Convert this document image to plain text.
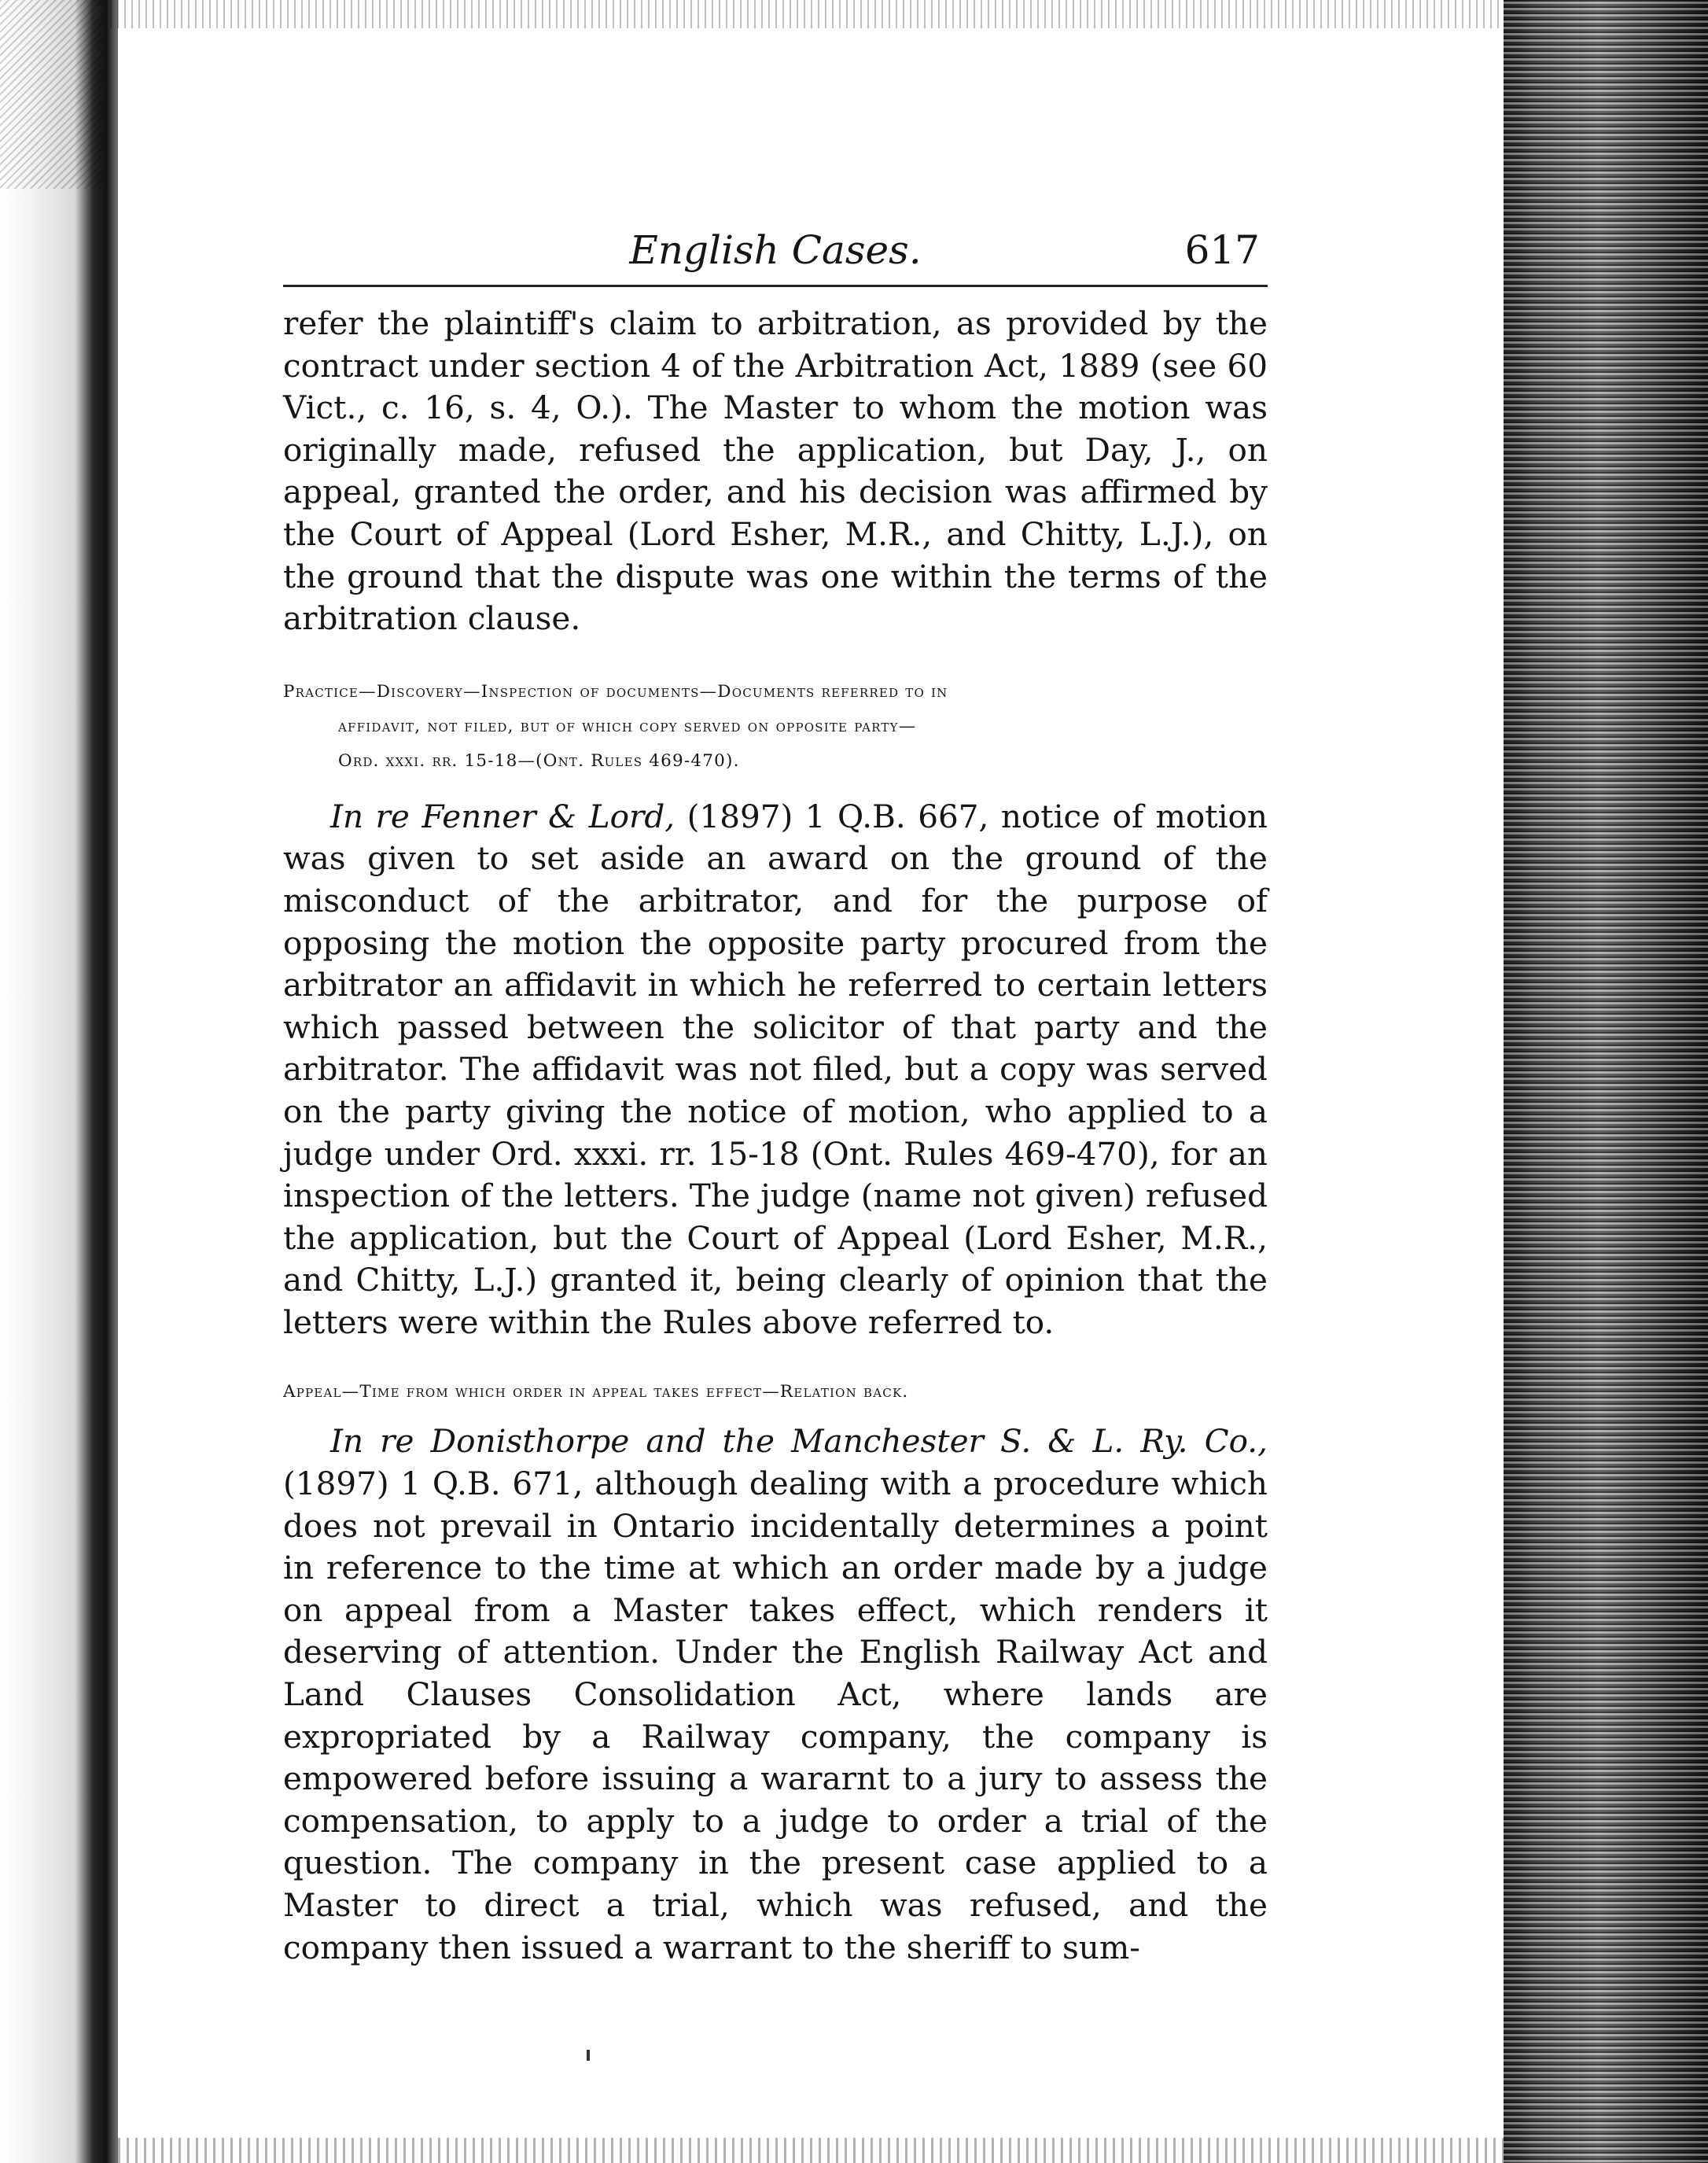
English Cases.	617

refer the plaintiff's claim to arbitration, as provided by the contract under section 4 of the Arbitration Act, 1889 (see 60 Vict., c. 16, s. 4, O.). The Master to whom the motion was originally made, refused the application, but Day, J., on appeal, granted the order, and his decision was affirmed by the Court of Appeal (Lord Esher, M.R., and Chitty, L.J.), on the ground that the dispute was one within the terms of the arbitration clause.

Practice—Discovery—Inspection of documents—Documents referred to in
affidavit, not filed, but of which copy served on opposite party—
Ord. xxxi. rr. 15-18—(Ont. Rules 469-470).

In re Fenner & Lord, (1897) 1 Q.B. 667, notice of motion was given to set aside an award on the ground of the misconduct of the arbitrator, and for the purpose of opposing the motion the opposite party procured from the arbitrator an affidavit in which he referred to certain letters which passed between the solicitor of that party and the arbitrator. The affidavit was not filed, but a copy was served on the party giving the notice of motion, who applied to a judge under Ord. xxxi. rr. 15-18 (Ont. Rules 469-470), for an inspection of the letters. The judge (name not given) refused the application, but the Court of Appeal (Lord Esher, M.R., and Chitty, L.J.) granted it, being clearly of opinion that the letters were within the Rules above referred to.

Appeal—Time from which order in appeal takes effect—Relation back.

In re Donisthorpe and the Manchester S. & L. Ry. Co., (1897) 1 Q.B. 671, although dealing with a procedure which does not prevail in Ontario incidentally determines a point in reference to the time at which an order made by a judge on appeal from a Master takes effect, which renders it deserving of attention. Under the English Railway Act and Land Clauses Consolidation Act, where lands are expropriated by a Railway company, the company is empowered before issuing a wararnt to a jury to assess the compensation, to apply to a judge to order a trial of the question. The company in the present case applied to a Master to direct a trial, which was refused, and the company then issued a warrant to the sheriff to sum-
